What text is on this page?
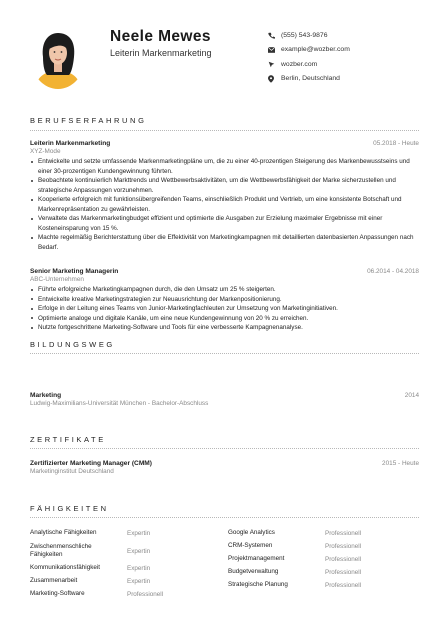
Neele Mewes
Leiterin Markenmarketing
(555) 543-9876
example@wozber.com
wozber.com
Berlin, Deutschland
BERUFSERFAHRUNG
Leiterin Markenmarketing
XYZ-Mode
05.2018 - Heute
Entwickelte und setzte umfassende Markenmarketingpläne um, die zu einer 40-prozentigen Steigerung des Markenbewusstseins und einer 30-prozentigen Kundengewinnung führten.
Beobachtete kontinuierlich Markttrends und Wettbewerbsaktivitäten, um die Wettbewerbsfähigkeit der Marke sicherzustellen und strategische Anpassungen vorzunehmen.
Kooperierte erfolgreich mit funktionsübergreifenden Teams, einschließlich Produkt und Vertrieb, um eine konsistente Botschaft und Markenrepräsentation zu gewährleisten.
Verwaltete das Markenmarketingbudget effizient und optimierte die Ausgaben zur Erzielung maximaler Ergebnisse mit einer Kosteneinsparung von 15 %.
Machte regelmäßig Berichterstattung über die Effektivität von Marketingkampagnen mit detaillierten datenbasierten Anpassungen nach Bedarf.
Senior Marketing Managerin
ABC-Unternehmen
06.2014 - 04.2018
Führte erfolgreiche Marketingkampagnen durch, die den Umsatz um 25 % steigerten.
Entwickelte kreative Marketingstrategien zur Neuausrichtung der Markenpositionierung.
Erfolge in der Leitung eines Teams von Junior-Marketingfachleuten zur Umsetzung von Marketinginitiativen.
Optimierte analoge und digitale Kanäle, um eine neue Kundengewinnung von 20 % zu erreichen.
Nutzte fortgeschrittene Marketing-Software und Tools für eine verbesserte Kampagnenanalyse.
BILDUNGSWEG
Marketing
Ludwig-Maximilians-Universität München - Bachelor-Abschluss
2014
ZERTIFIKATE
Zertifizierter Marketing Manager (CMM)
Marketinginstitut Deutschland
2015 - Heute
FÄHIGKEITEN
Analytische Fähigkeiten	Expertin
Zwischenmenschliche Fähigkeiten	Expertin
Kommunikationsfähigkeit	Expertin
Zusammenarbeit	Expertin
Marketing-Software	Professionell
Google Analytics	Professionell
CRM-Systemen	Professionell
Projektmanagement	Professionell
Budgetverwaltung	Professionell
Strategische Planung	Professionell
